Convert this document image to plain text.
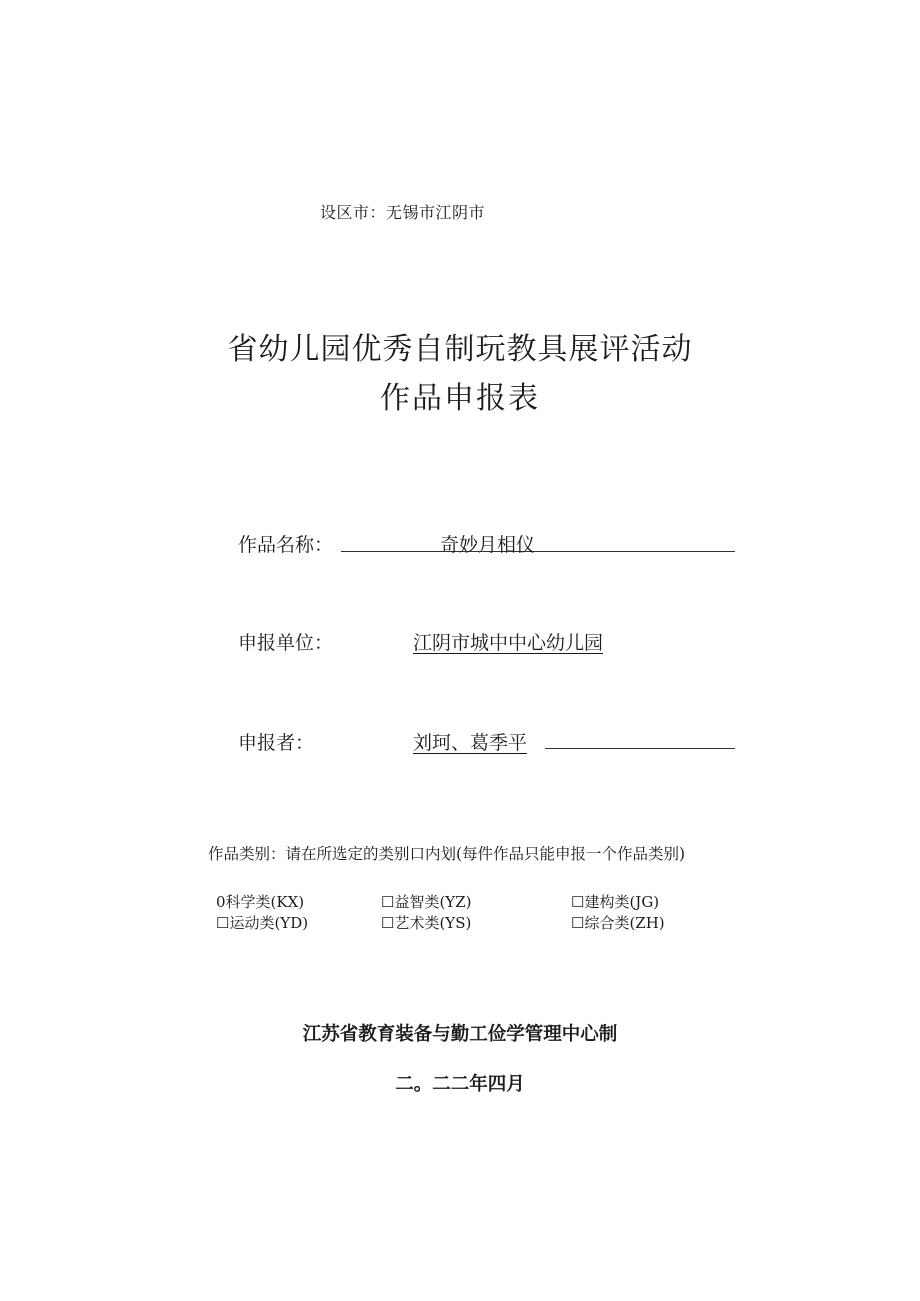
设区市：无锡市江阴市
省幼儿园优秀自制玩教具展评活动
作品申报表
作品名称：	奇妙月相仪
申报单位：	江阴市城中中心幼儿园
申报者：	刘珂、葛季平
作品类别：请在所选定的类别口内划(每件作品只能申报一个作品类别)
0科学类(KX)	☐益智类(YZ)	☐建构类(JG)
☐运动类(YD)	☐艺术类(YS)	☐综合类(ZH)
江苏省教育装备与勤工俭学管理中心制
二。二二年四月
